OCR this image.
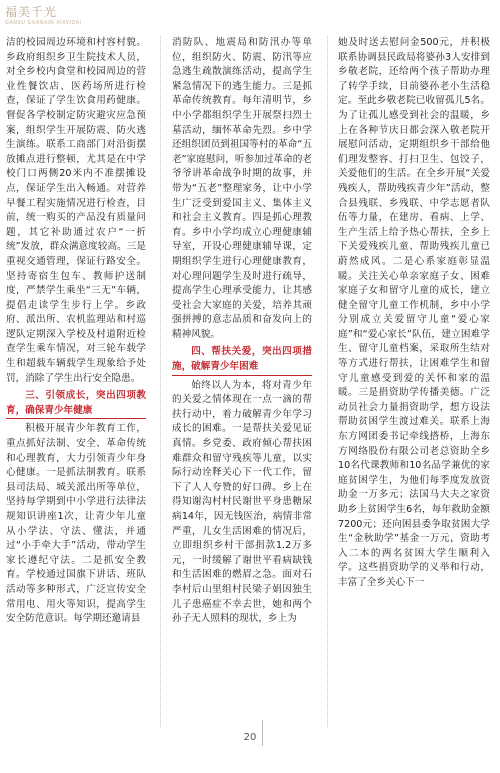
福美千光
GANSU GUANXIN XIAYIDAI

洁的校园周边环境和村容村貌。乡政府组织乡卫生院技术人员，对全乡校内食堂和校园周边的营业性餐饮店、医药场所进行检查，保证了学生饮食用药健康。督促各学校制定防灾避灾应急预案，组织学生开展防震、防火逃生演练。联系工商部门对沿街摆放摊点进行整顿，尤其是在中学校门口两侧20米内不准摆摊设点，保证学生出入畅通。对营养早餐工程实施情况进行检查，目前，统一购买的产品没有质量问题，其它补助通过农户“一折统”发放，群众满意度较高。三是重视交通管理，保证行路安全。坚持寄宿生包车、教师护送制度，严禁学生乘坐“三无”车辆，提倡走读学生步行上学。乡政府、派出所、农机监理站和村巡逻队定期深入学校及村道附近检查学生乘车情况，对三轮车载学生和超载车辆载学生现象给予处罚，消除了学生出行安全隐患。

三、引领成长，突出四项教育，确保青少年健康

积极开展青少年教育工作，重点抓好法制、安全、革命传统和心理教育，大力引领青少年身心健康。一是抓法制教育。联系县司法局、城关派出所等单位，坚持每学期到中小学进行法律法规知识讲座1次，让青少年儿童从小学法、守法、懂法，并通过“小手牵大手”活动，带动学生家长遵纪守法。二是抓安全教育。学校通过国旗下讲话、班队活动等多种形式，广泛宣传安全常用电、用火等知识，提高学生安全防范意识。每学期还邀请县

消防队、地震局和防汛办等单位，组织防火、防震、防汛等应急逃生疏散演练活动，提高学生紧急情况下的逃生能力。三是抓革命传统教育。每年清明节，乡中小学都组织学生开展祭扫烈士墓活动，缅怀革命先烈。乡中学还组织团员到祖国等村的革命“五老”家庭慰问，听参加过革命的老爷爷讲革命战争时期的故事，并带为“五老”整理家务，让中小学生广泛受到爱国主义、集体主义和社会主义教育。四是抓心理教育。乡中小学均成立心理健康辅导室，开设心理健康辅导课，定期组织学生进行心理健康教育，对心理问题学生及时进行疏导，提高学生心理承受能力，让其感受社会大家庭的关爱，培养其顽强拼搏的意志品质和奋发向上的精神风貌。

四、帮扶关爱，突出四项措施，破解青少年困难

始终以人为本，将对青少年的关爱之情体现在一点一滴的帮扶行动中，着力破解青少年学习成长的困难。一是帮扶关爱见证真情。乡党委、政府倾心帮扶困难群众和留守残疾等儿童，以实际行动诠释关心下一代工作，留下了人人夸赞的好口碑。乡上在得知谢沟村村民谢世平身患糖尿病14年，因无钱医治，病情非常严重，儿女生活困难的情况后，立即组织乡村干部捐款1.2万多元，一时缓解了谢世平看病缺钱和生活困难的燃眉之急。面对石李村后山里组村民梁子娟因独生儿子患癌症不幸去世，她和两个孙子无人照料的现状，乡上为

她及时送去慰问金500元，并积极联系协调县民政局将婆孙3人安排到乡敬老院，还给两个孩子帮助办理了转学手续，目前婆孙老小生活稳定。至此乡敬老院已收留孤儿5名。为了让孤儿感受到社会的温暖，乡上在各种节庆日都会深入敬老院开展慰问活动，定期组织乡干部给他们理发整容、打扫卫生、包饺子，关爱他们的生活。在全乡开展“关爱残疾人，帮助残疾青少年”活动，整合县残联、乡残联、中学志愿者队伍等力量，在建房、看病、上学、生产生活上给予热心帮扶，全乡上下关爱残疾儿童、帮助残疾儿童已蔚然成风。二是心系家庭彰显温暖。关注关心单亲家庭子女、困难家庭子女和留守儿童的成长，建立健全留守儿童工作机制，乡中小学分别成立关爱留守儿童“爱心家庭”和“爱心家长”队伍，建立困难学生、留守儿童档案，采取所生结对等方式进行帮扶，让困难学生和留守儿童感受到爱的关怀和家的温暖。三是捐资助学传播美德。广泛动员社会力量捐资助学，想方设法帮助贫困学生渡过难关。联系上海东方网团委书记牵线搭桥，上海东方网络股份有限公司老总资助全乡10名代课教师和10名品学兼优的家庭贫困学生，为他们每季度发放资助金一万多元；法国马大夫之家资助乡上贫困学生6名，每年救助金额7200元；还向困县委争取贫困大学生“金秋助学”基金一万元，资助考入二本的两名贫困大学生顺利入学。这些捐资助学的义举和行动，丰富了全乡关心下一

20
